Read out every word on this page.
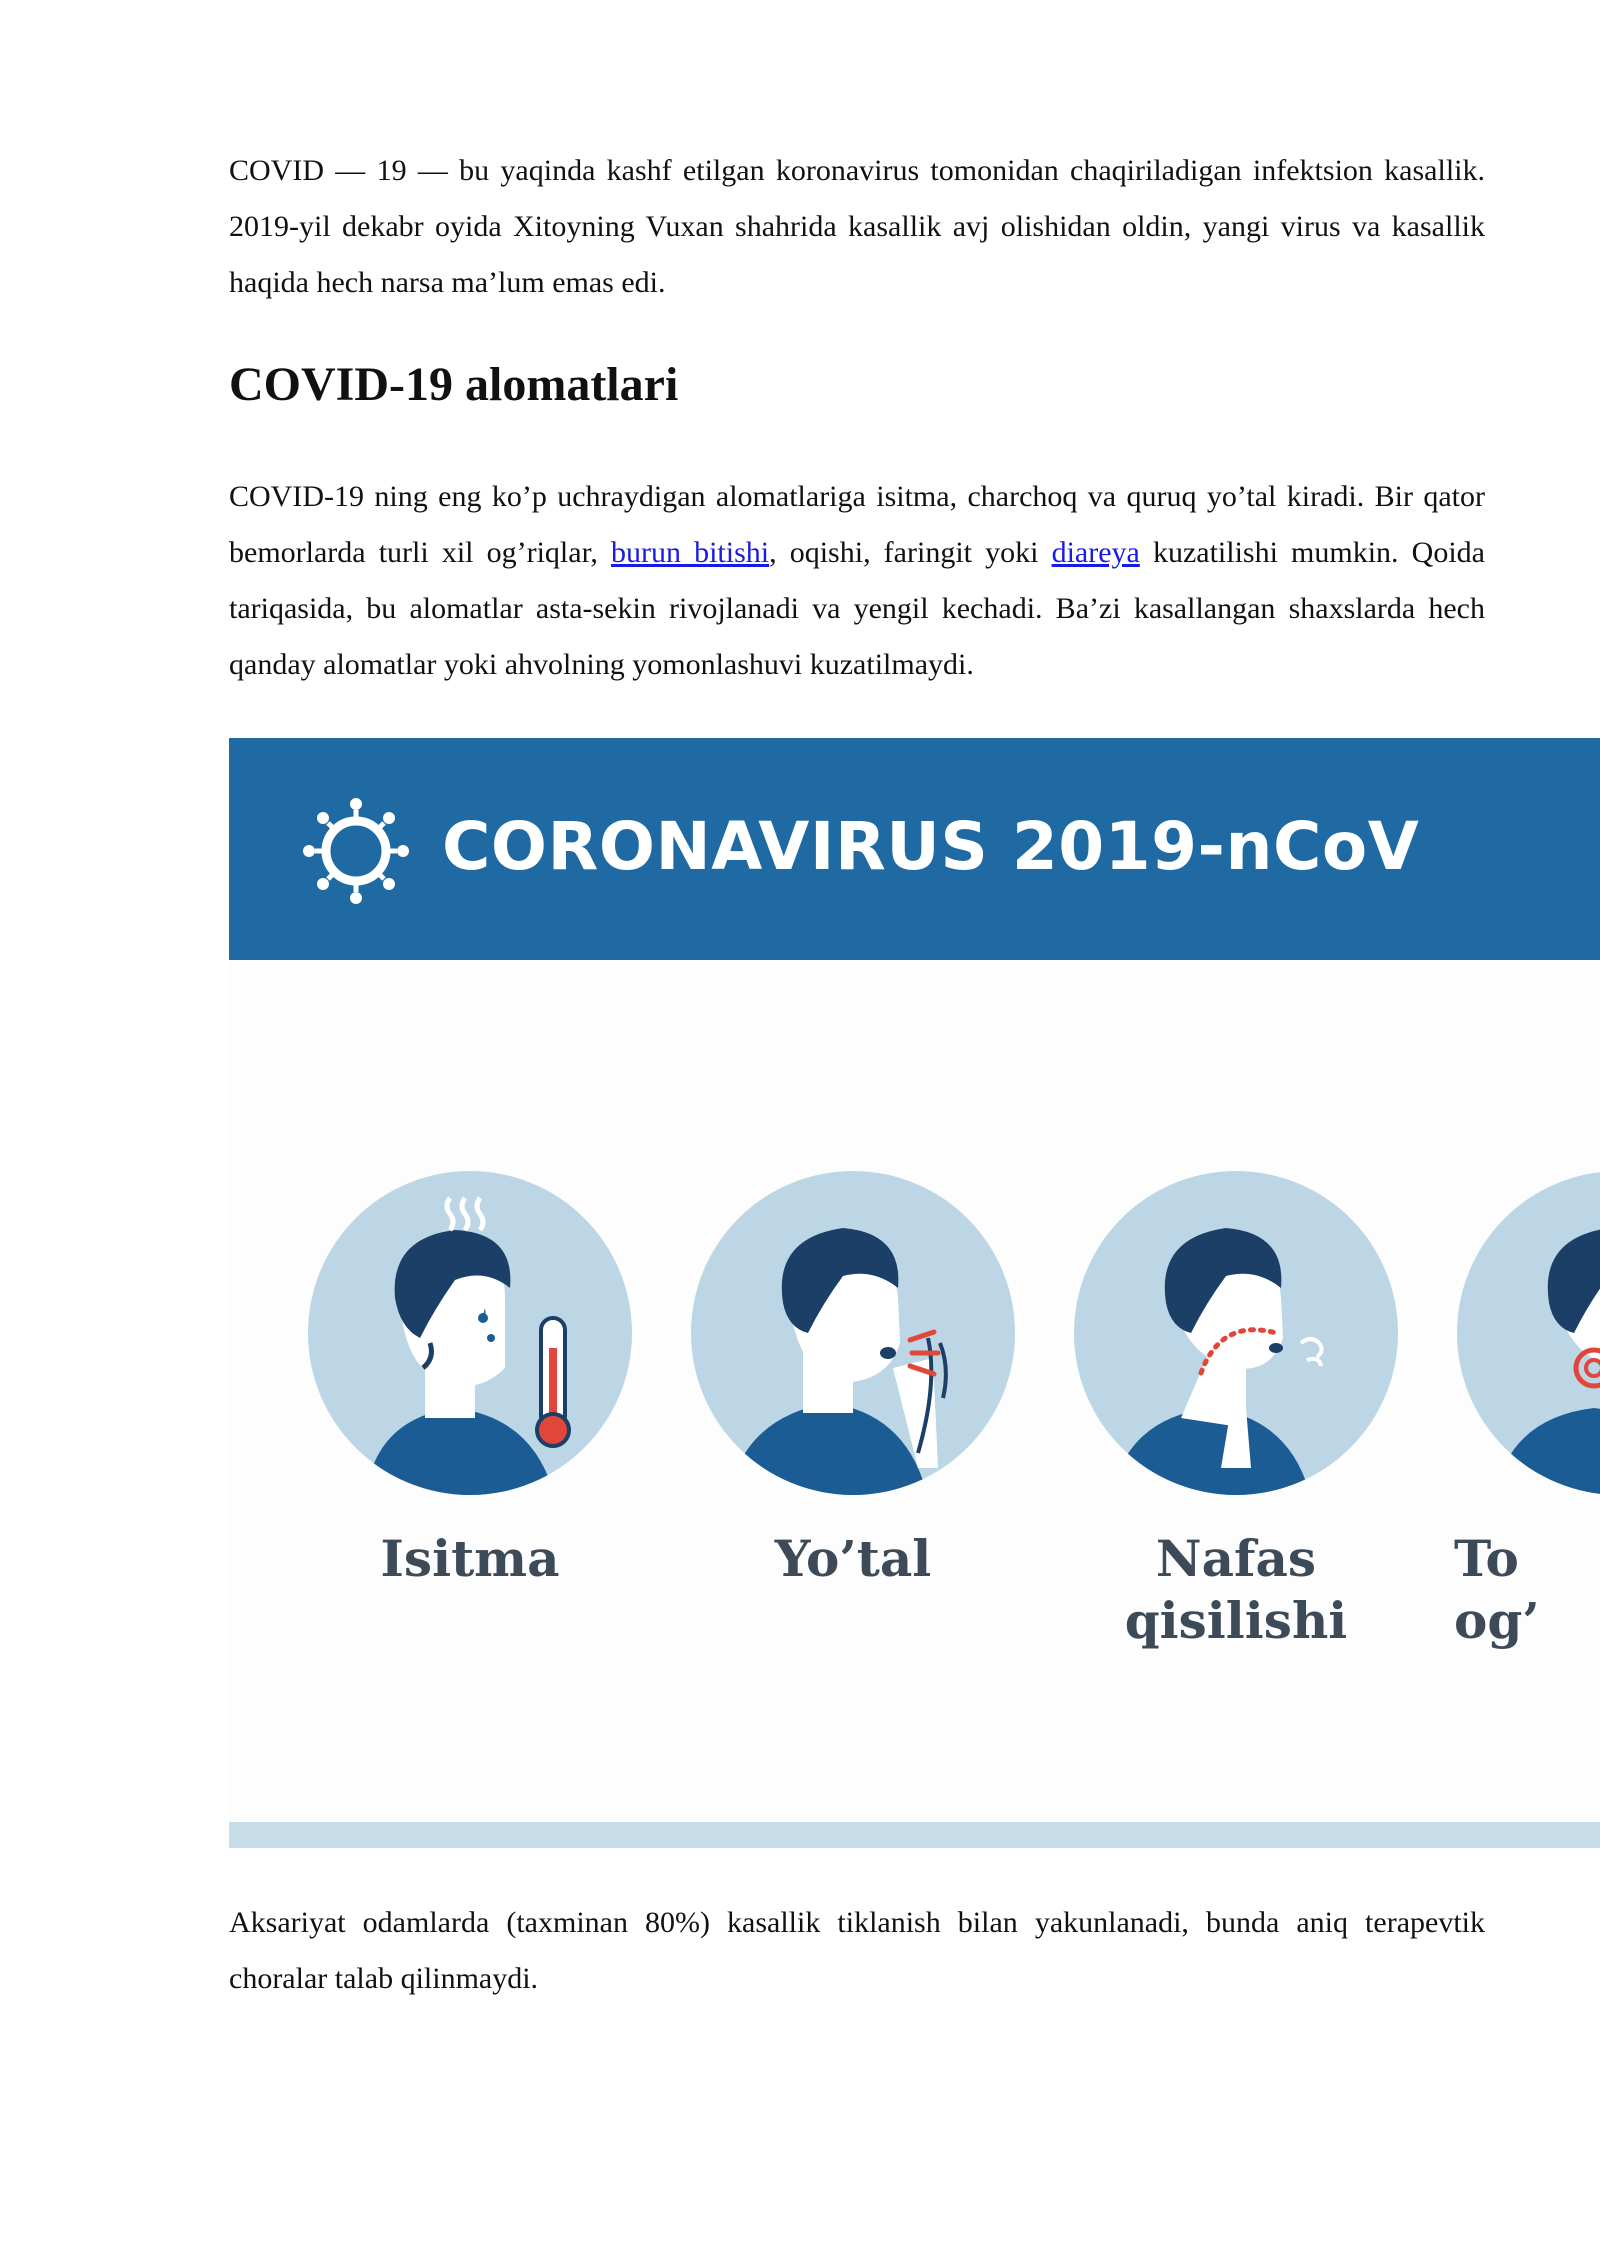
COVID — 19 — bu yaqinda kashf etilgan koronavirus tomonidan chaqiriladigan infektsion kasallik. 2019-yil dekabr oyida Xitoyning Vuxan shahrida kasallik avj olishidan oldin, yangi virus va kasallik haqida hech narsa ma’lum emas edi.

COVID-19 alomatlari

COVID-19 ning eng ko’p uchraydigan alomatlariga isitma, charchoq va quruq yo’tal kiradi. Bir qator bemorlarda turli xil og’riqlar, burun bitishi, oqishi, faringit yoki diareya kuzatilishi mumkin. Qoida tariqasida, bu alomatlar asta-sekin rivojlanadi va yengil kechadi. Ba’zi kasallangan shaxslarda hech qanday alomatlar yoki ahvolning yomonlashuvi kuzatilmaydi.

CORONAVIRUS 2019-nCoV
Isitma	Yo’tal	Nafas
qisilishi
To
og’

Aksariyat odamlarda (taxminan 80%) kasallik tiklanish bilan yakunlanadi, bunda aniq terapevtik choralar talab qilinmaydi.
